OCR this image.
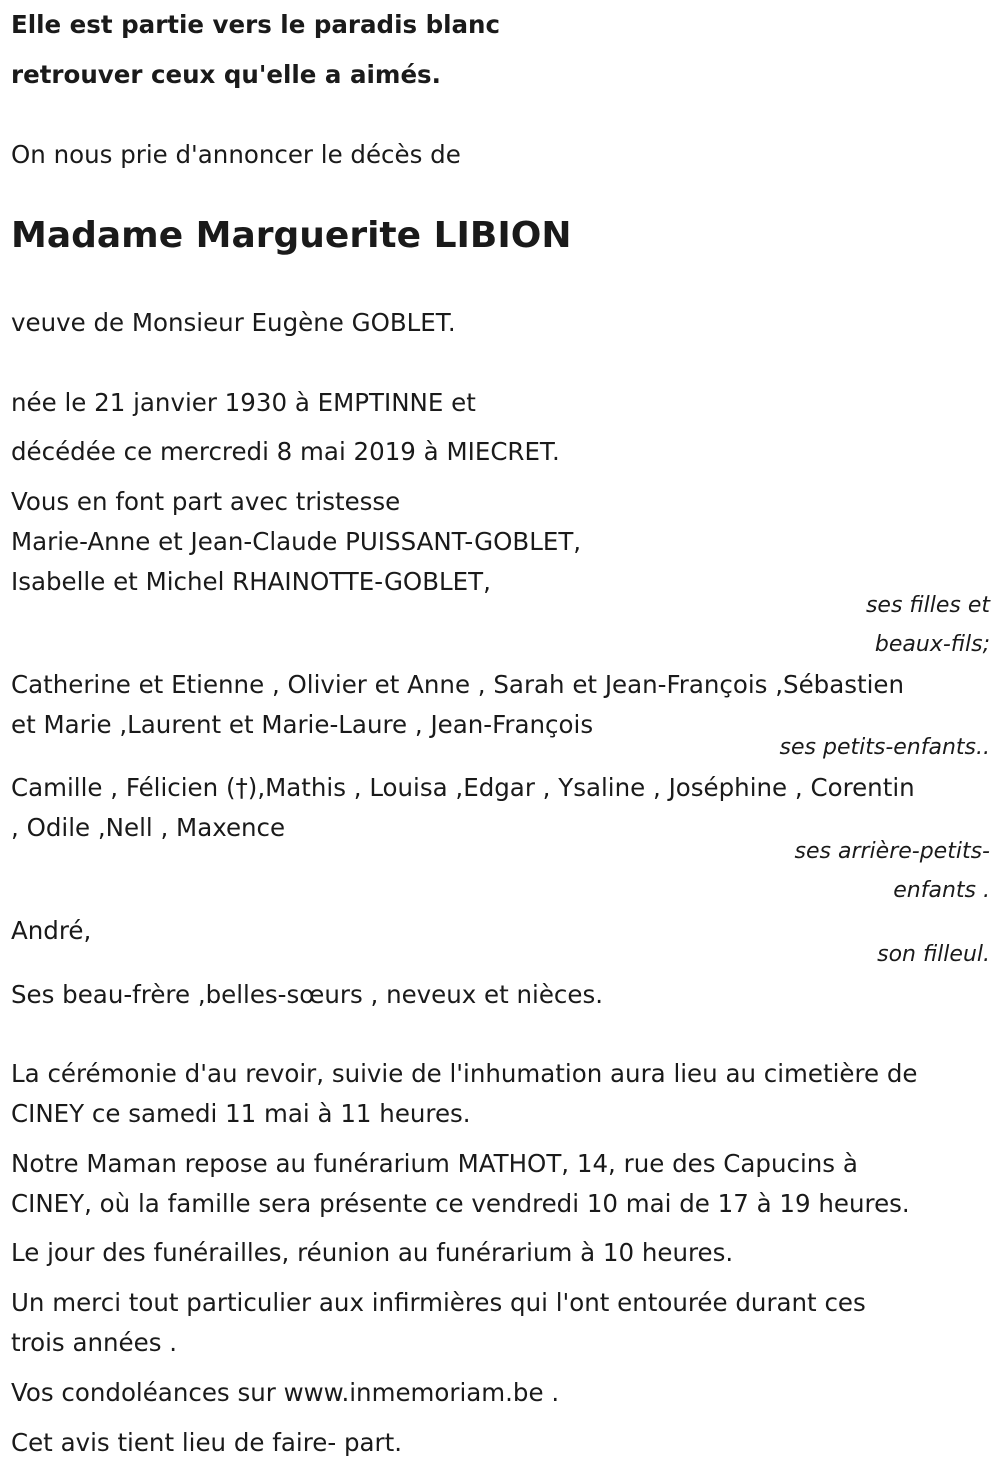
Elle est partie vers le paradis blanc
retrouver ceux qu'elle a aimés.
On nous prie d'annoncer le décès de
Madame Marguerite LIBION
veuve de Monsieur Eugène GOBLET.
née le 21 janvier 1930 à EMPTINNE et
décédée ce mercredi 8 mai 2019 à MIECRET.
Vous en font part avec tristesse
Marie-Anne et Jean-Claude PUISSANT-GOBLET,
Isabelle et Michel RHAINOTTE-GOBLET,
ses filles et
beaux-fils;
Catherine et Etienne , Olivier et Anne , Sarah et Jean-François ,Sébastien
et Marie ,Laurent et Marie-Laure , Jean-François
ses petits-enfants..
Camille , Félicien (†),Mathis , Louisa ,Edgar , Ysaline , Joséphine , Corentin
, Odile ,Nell , Maxence
ses arrière-petits-
enfants .
André,
son filleul.
Ses beau-frère ,belles-sœurs , neveux et nièces.
La cérémonie d'au revoir, suivie de l'inhumation aura lieu au cimetière de
CINEY ce samedi 11 mai à 11 heures.
Notre Maman repose au funérarium MATHOT, 14, rue des Capucins à
CINEY, où la famille sera présente ce vendredi 10 mai de 17 à 19 heures.
Le jour des funérailles, réunion au funérarium à 10 heures.
Un merci tout particulier aux infirmières qui l'ont entourée durant ces
trois années .
Vos condoléances sur www.inmemoriam.be .
Cet avis tient lieu de faire- part.
